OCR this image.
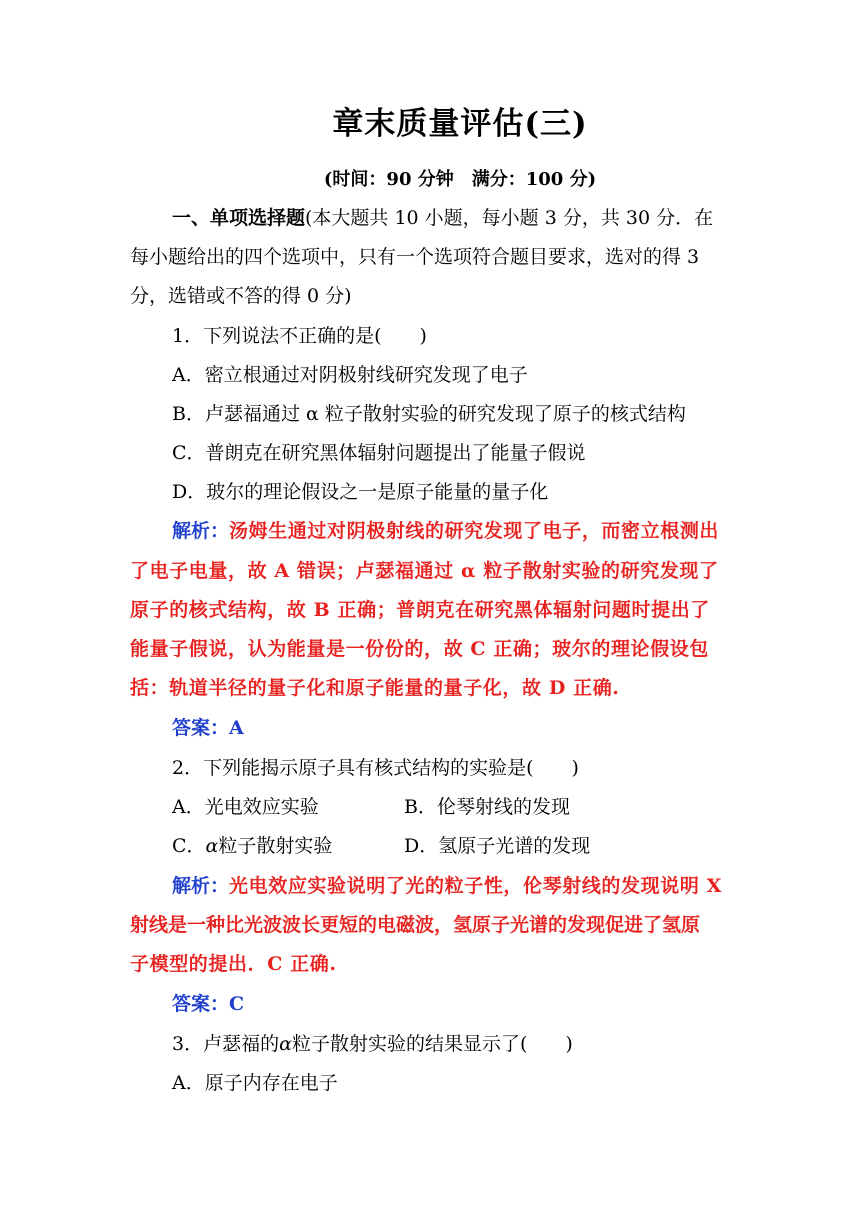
章末质量评估(三)
(时间：90 分钟　满分：100 分)
一、单项选择题(本大题共 10 小题，每小题 3 分，共 30 分．在
每小题给出的四个选项中，只有一个选项符合题目要求，选对的得 3
分，选错或不答的得 0 分)
1．下列说法不正确的是(　　)
A．密立根通过对阴极射线研究发现了电子
B．卢瑟福通过 α 粒子散射实验的研究发现了原子的核式结构
C．普朗克在研究黑体辐射问题提出了能量子假说
D．玻尔的理论假设之一是原子能量的量子化
解析：汤姆生通过对阴极射线的研究发现了电子，而密立根测出
了电子电量，故 A 错误；卢瑟福通过 α 粒子散射实验的研究发现了
原子的核式结构，故 B 正确；普朗克在研究黑体辐射问题时提出了
能量子假说，认为能量是一份份的，故 C 正确；玻尔的理论假设包
括：轨道半径的量子化和原子能量的量子化，故 D 正确.
答案：A
2．下列能揭示原子具有核式结构的实验是(　　)
A．光电效应实验	B．伦琴射线的发现
C．α粒子散射实验	D．氢原子光谱的发现
解析：光电效应实验说明了光的粒子性，伦琴射线的发现说明 X
射线是一种比光波波长更短的电磁波，氢原子光谱的发现促进了氢原
子模型的提出．C 正确.
答案：C
3．卢瑟福的α粒子散射实验的结果显示了(　　)
A．原子内存在电子
